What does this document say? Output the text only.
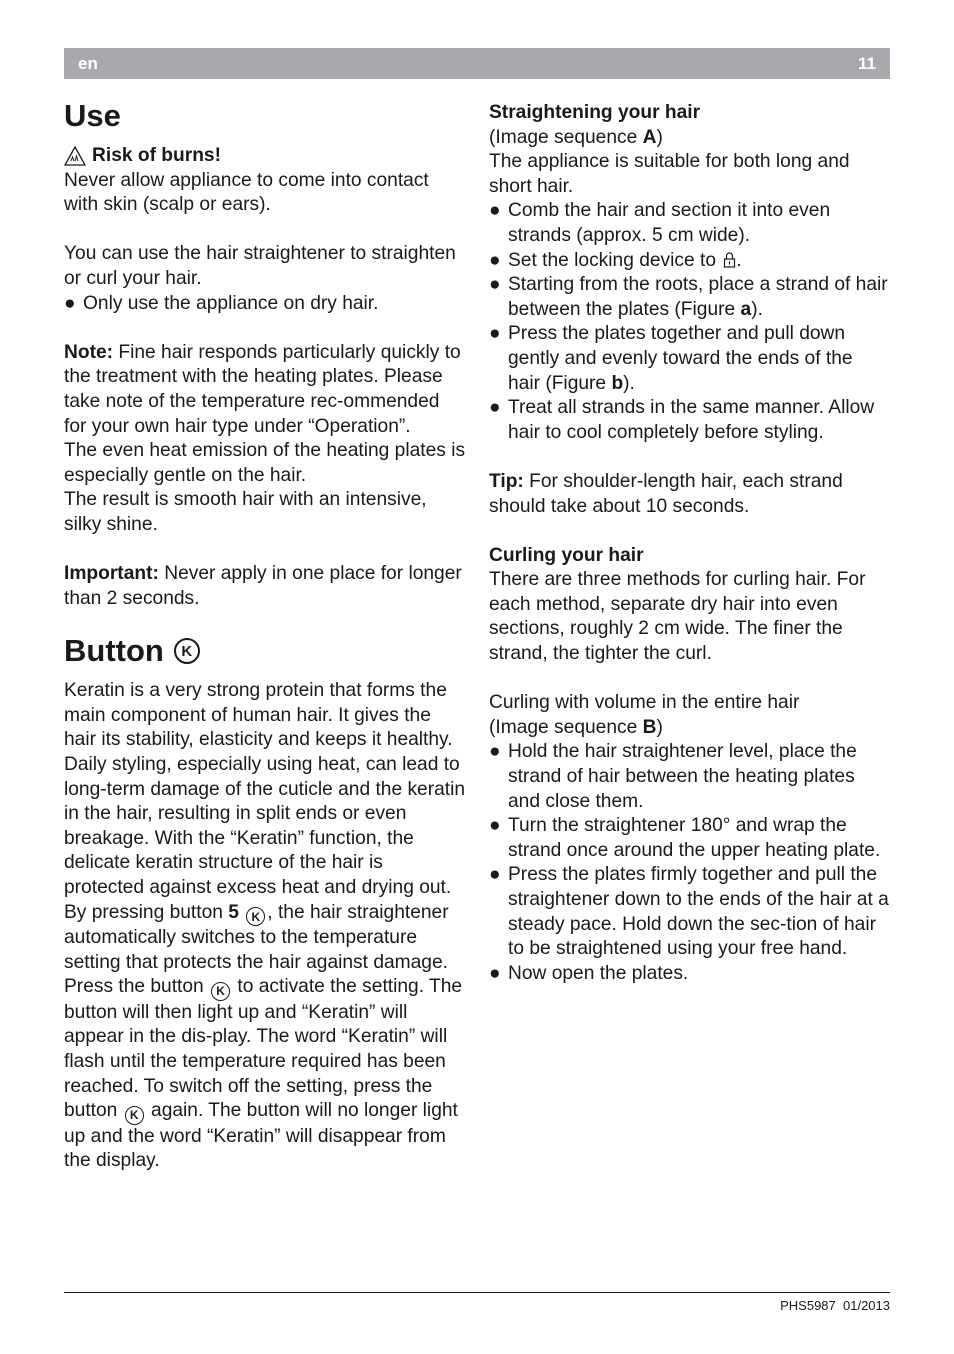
en	11
Use
Risk of burns!

Never allow appliance to come into contact with skin (scalp or ears).

You can use the hair straightener to straighten or curl your hair.

● Only use the appliance on dry hair.

Note: Fine hair responds particularly quickly to the treatment with the heating plates. Please take note of the temperature rec-ommended for your own hair type under “Operation”.

The even heat emission of the heating plates is especially gentle on the hair.

The result is smooth hair with an intensive, silky shine.

Important: Never apply in one place for longer than 2 seconds.

Button	K

Keratin is a very strong protein that forms the main component of human hair. It gives the hair its stability, elasticity and keeps it healthy. Daily styling, especially using heat, can lead to long-term damage of the cuticle and the keratin in the hair, resulting in split ends or even breakage. With the “Keratin” function, the delicate keratin structure of the hair is protected against excess heat and drying out. By pressing button 5 K , the hair straightener automatically switches to the temperature setting that protects the hair against damage. Press the button K to activate the setting. The button will then light up and “Keratin” will appear in the dis-play. The word “Keratin” will flash until the temperature required has been reached. To switch off the setting, press the button K again. The button will no longer light up and the word “Keratin” will disappear from the display.

Straightening your hair

(Image sequence A)

The appliance is suitable for both long and short hair.

● Comb the hair and section it into even strands (approx. 5 cm wide).
● Set the locking device to .
● Starting from the roots, place a strand of hair between the plates (Figure a).
● Press the plates together and pull down gently and evenly toward the ends of the hair (Figure b).
● Treat all strands in the same manner. Allow hair to cool completely before styling.

Tip: For shoulder-length hair, each strand should take about 10 seconds.

Curling your hair

There are three methods for curling hair. For each method, separate dry hair into even sections, roughly 2 cm wide. The finer the strand, the tighter the curl.

Curling with volume in the entire hair

(Image sequence B)

● Hold the hair straightener level, place the strand of hair between the heating plates and close them.
● Turn the straightener 180° and wrap the strand once around the upper heating plate.
● Press the plates firmly together and pull the straightener down to the ends of the hair at a steady pace. Hold down the sec-tion of hair to be straightened using your free hand.
● Now open the plates.
PHS5987 01/2013
